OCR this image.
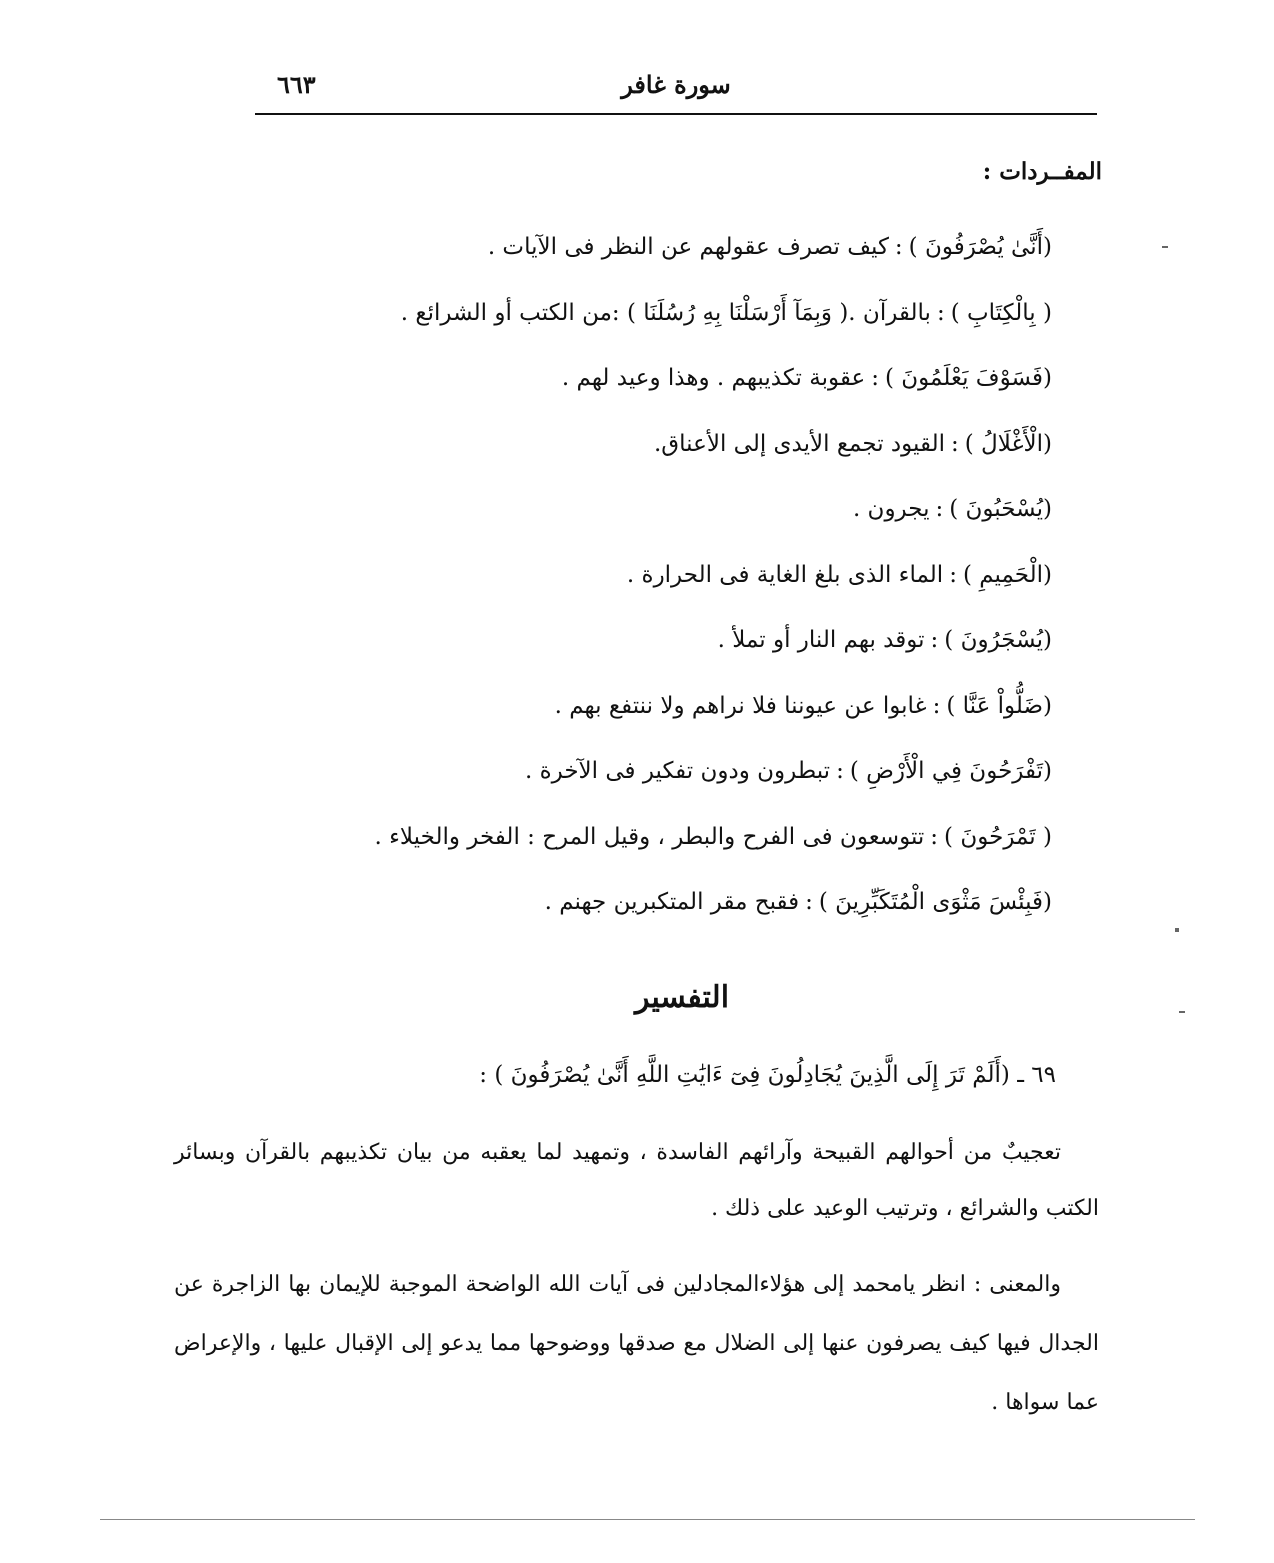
سورة غافر
٦٦٣
المفــردات :
(أَنَّىٰ يُصْرَفُونَ ):كيف تصرف عقولهم عن النظر فى الآيات .
( بِالْكِتَابِ ):بالقرآن .( وَبِمَآ أَرْسَلْنَا بِهِ رُسُلَنَا ) :من الكتب أو الشرائع .
(فَسَوْفَ يَعْلَمُونَ ):عقوبة تكذيبهم . وهذا وعيد لهم .
(الْأَغْلَالُ ):القيود تجمع الأيدى إلى الأعناق.
(يُسْحَبُونَ ):يجرون .
(الْحَمِيمِ ):الماء الذى بلغ الغاية فى الحرارة .
(يُسْجَرُونَ ):توقد بهم النار أو تملأ .
(ضَلُّواْ عَنَّا ):غابوا عن عيوننا فلا نراهم ولا ننتفع بهم .
(تَفْرَحُونَ فِي الْأَرْضِ ):تبطرون ودون تفكير فى الآخرة .
( تَمْرَحُونَ ):تتوسعون فى الفرح والبطر ، وقيل المرح : الفخر والخيلاء .
(فَبِئْسَ مَثْوَى الْمُتَكَبِّرِينَ ):فقبح مقر المتكبرين جهنم .
التفسير
٦٩ ـ (أَلَمْ تَرَ إِلَى الَّذِينَ يُجَادِلُونَ فِىٓ ءَايَٰتِ اللَّهِ أَنَّىٰ يُصْرَفُونَ ) :

تعجيبٌ من أحوالهم القبيحة وآرائهم الفاسدة ، وتمهيد لما يعقبه من بيان تكذيبهم بالقرآن وبسائر الكتب والشرائع ، وترتيب الوعيد على ذلك .

والمعنى : انظر يامحمد إلى هؤلاءالمجادلين فى آيات الله الواضحة الموجبة للإيمان بها الزاجرة عن الجدال فيها كيف يصرفون عنها إلى الضلال مع صدقها ووضوحها مما يدعو إلى الإقبال عليها ، والإعراض عما سواها .
